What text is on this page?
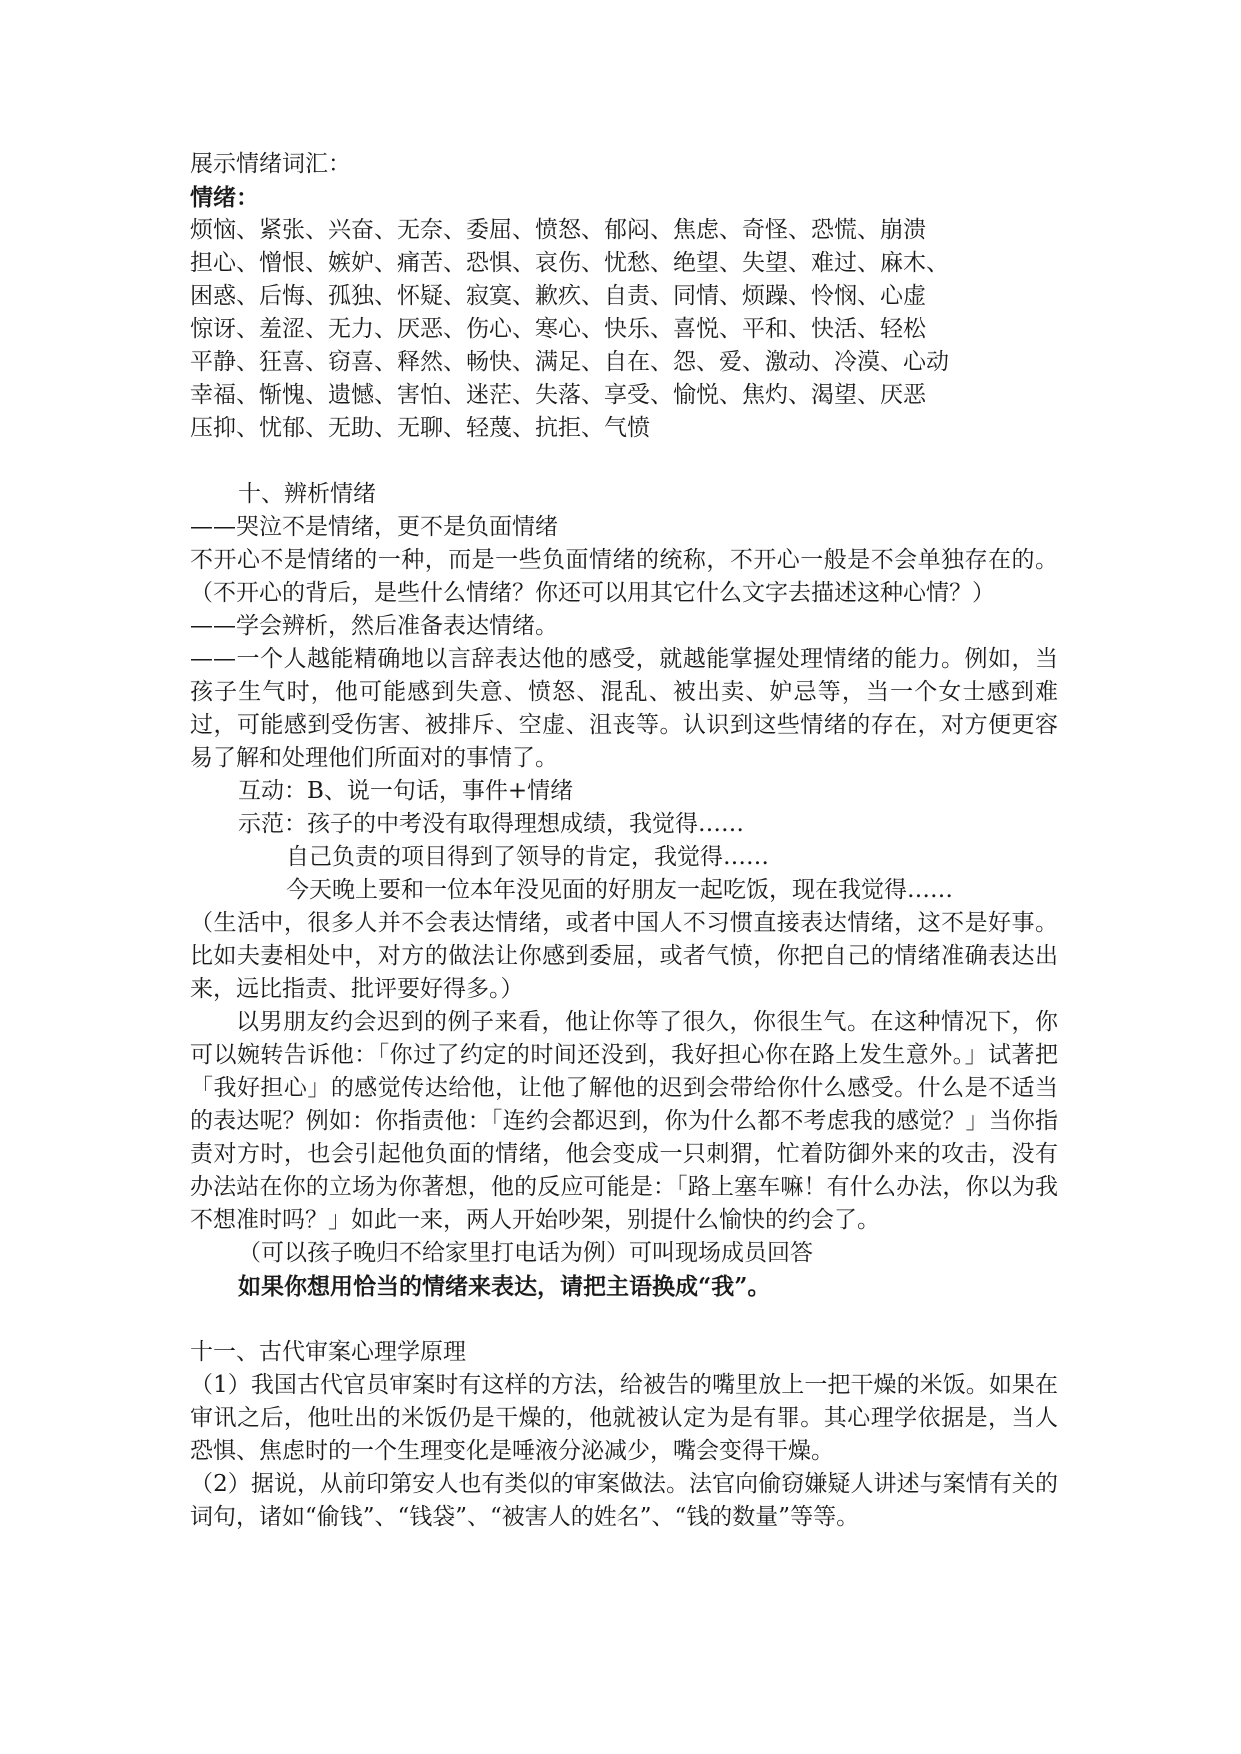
展示情绪词汇：

情绪：

烦恼、紧张、兴奋、无奈、委屈、愤怒、郁闷、焦虑、奇怪、恐慌、崩溃

担心、憎恨、嫉妒、痛苦、恐惧、哀伤、忧愁、绝望、失望、难过、麻木、

困惑、后悔、孤独、怀疑、寂寞、歉疚、自责、同情、烦躁、怜悯、心虚

惊讶、羞涩、无力、厌恶、伤心、寒心、快乐、喜悦、平和、快活、轻松

平静、狂喜、窃喜、释然、畅快、满足、自在、怨、爱、激动、冷漠、心动

幸福、惭愧、遗憾、害怕、迷茫、失落、享受、愉悦、焦灼、渴望、厌恶

压抑、忧郁、无助、无聊、轻蔑、抗拒、气愤

十、辨析情绪

——哭泣不是情绪，更不是负面情绪

不开心不是情绪的一种，而是一些负面情绪的统称，不开心一般是不会单独存在的。（不开心的背后，是些什么情绪？你还可以用其它什么文字去描述这种心情？）

——学会辨析，然后准备表达情绪。

——一个人越能精确地以言辞表达他的感受，就越能掌握处理情绪的能力。例如，当孩子生气时，他可能感到失意、愤怒、混乱、被出卖、妒忌等，当一个女士感到难过，可能感到受伤害、被排斥、空虚、沮丧等。认识到这些情绪的存在，对方便更容易了解和处理他们所面对的事情了。

互动：B、说一句话，事件+情绪

示范：孩子的中考没有取得理想成绩，我觉得……

自己负责的项目得到了领导的肯定，我觉得……

今天晚上要和一位本年没见面的好朋友一起吃饭，现在我觉得……

（生活中，很多人并不会表达情绪，或者中国人不习惯直接表达情绪，这不是好事。比如夫妻相处中，对方的做法让你感到委屈，或者气愤，你把自己的情绪准确表达出来，远比指责、批评要好得多。）

以男朋友约会迟到的例子来看，他让你等了很久，你很生气。在这种情况下，你可以婉转告诉他：「你过了约定的时间还没到，我好担心你在路上发生意外。」试著把「我好担心」的感觉传达给他，让他了解他的迟到会带给你什么感受。什么是不适当的表达呢？例如：你指责他：「连约会都迟到，你为什么都不考虑我的感觉？」当你指责对方时，也会引起他负面的情绪，他会变成一只刺猬，忙着防御外来的攻击，没有办法站在你的立场为你著想，他的反应可能是：「路上塞车嘛！有什么办法，你以为我不想准时吗？」如此一来，两人开始吵架，别提什么愉快的约会了。

（可以孩子晚归不给家里打电话为例）可叫现场成员回答

如果你想用恰当的情绪来表达，请把主语换成“我”。

十一、古代审案心理学原理

（1）我国古代官员审案时有这样的方法，给被告的嘴里放上一把干燥的米饭。如果在审讯之后，他吐出的米饭仍是干燥的，他就被认定为是有罪。其心理学依据是，当人恐惧、焦虑时的一个生理变化是唾液分泌减少，嘴会变得干燥。

（2）据说，从前印第安人也有类似的审案做法。法官向偷窃嫌疑人讲述与案情有关的词句，诸如“偷钱”、“钱袋”、“被害人的姓名”、“钱的数量”等等。
